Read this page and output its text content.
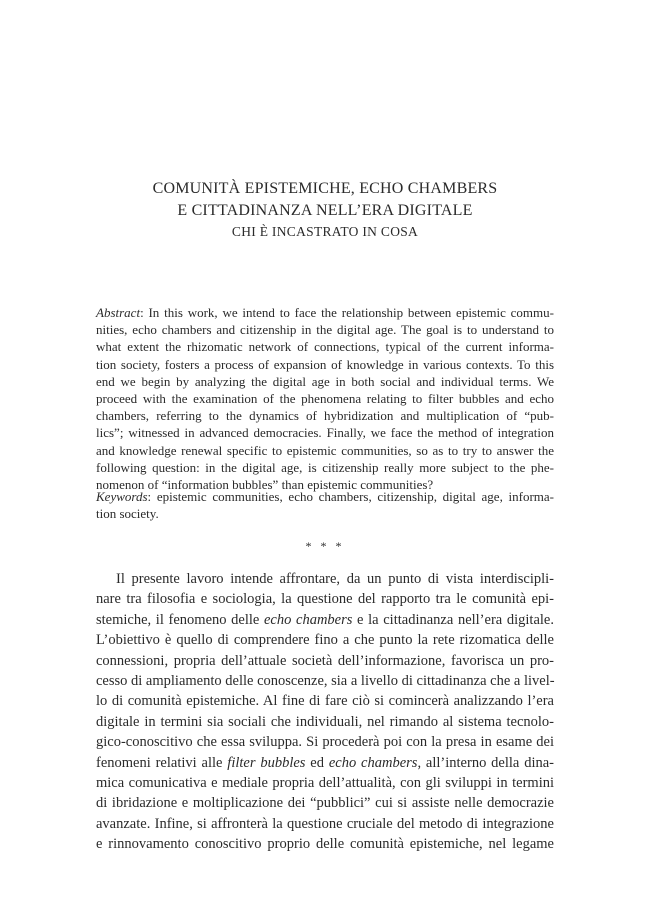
COMUNITÀ EPISTEMICHE, ECHO CHAMBERS
E CITTADINANZA NELL’ERA DIGITALE
CHI È INCASTRATO IN COSA
Abstract: In this work, we intend to face the relationship between epistemic commu-
nities, echo chambers and citizenship in the digital age. The goal is to understand to
what extent the rhizomatic network of connections, typical of the current informa-
tion society, fosters a process of expansion of knowledge in various contexts. To this
end we begin by analyzing the digital age in both social and individual terms. We
proceed with the examination of the phenomena relating to filter bubbles and echo
chambers, referring to the dynamics of hybridization and multiplication of “pub-
lics”; witnessed in advanced democracies. Finally, we face the method of integration
and knowledge renewal specific to epistemic communities, so as to try to answer the
following question: in the digital age, is citizenship really more subject to the phe-
nomenon of “information bubbles” than epistemic communities?
Keywords: epistemic communities, echo chambers, citizenship, digital age, informa-
tion society.
* * *
Il presente lavoro intende affrontare, da un punto di vista interdiscipli-
nare tra filosofia e sociologia, la questione del rapporto tra le comunità epi-
stemiche, il fenomeno delle echo chambers e la cittadinanza nell’era digitale.
L’obiettivo è quello di comprendere fino a che punto la rete rizomatica delle
connessioni, propria dell’attuale società dell’informazione, favorisca un pro-
cesso di ampliamento delle conoscenze, sia a livello di cittadinanza che a livel-
lo di comunità epistemiche. Al fine di fare ciò si comincerà analizzando l’era
digitale in termini sia sociali che individuali, nel rimando al sistema tecnolo-
gico-conoscitivo che essa sviluppa. Si procederà poi con la presa in esame dei
fenomeni relativi alle filter bubbles ed echo chambers, all’interno della dina-
mica comunicativa e mediale propria dell’attualità, con gli sviluppi in termini
di ibridazione e moltiplicazione dei “pubblici” cui si assiste nelle democrazie
avanzate. Infine, si affronterà la questione cruciale del metodo di integrazione
e rinnovamento conoscitivo proprio delle comunità epistemiche, nel legame
